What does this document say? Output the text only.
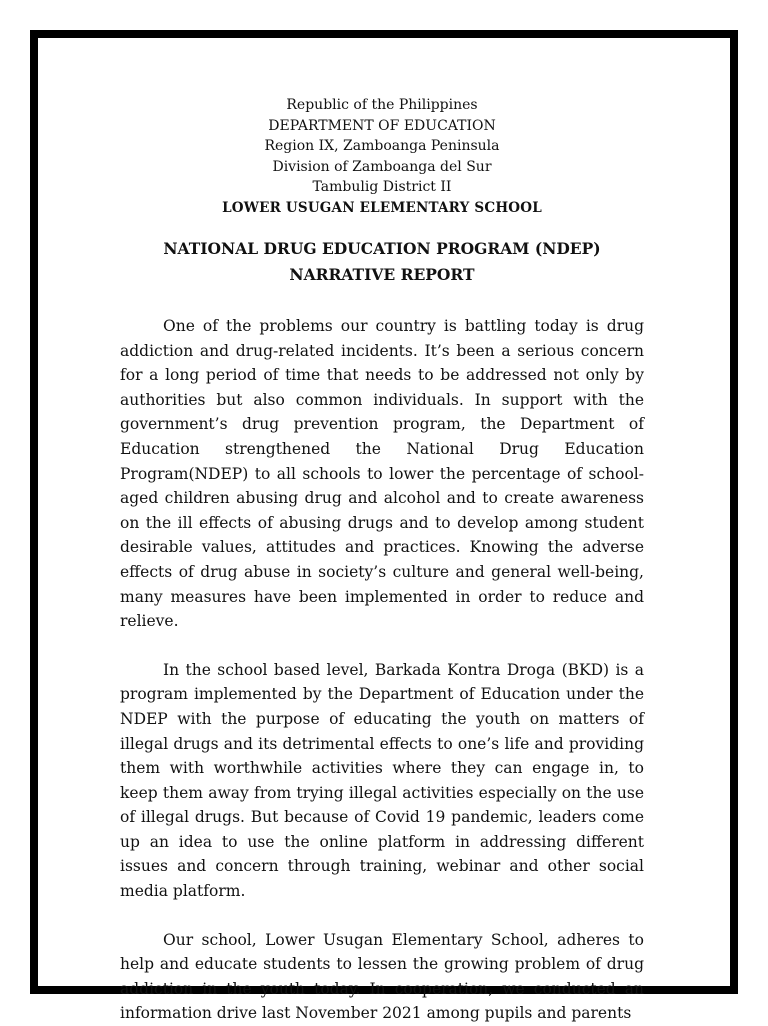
Republic of the Philippines
DEPARTMENT OF EDUCATION
Region IX, Zamboanga Peninsula
Division of Zamboanga del Sur
Tambulig District II
LOWER USUGAN ELEMENTARY SCHOOL
NATIONAL DRUG EDUCATION PROGRAM (NDEP)
NARRATIVE REPORT

One of the problems our country is battling today is drug addiction and drug-related incidents. It’s been a serious concern for a long period of time that needs to be addressed not only by authorities but also common individuals. In support with the government’s drug prevention program, the Department of Education strengthened the National Drug Education Program(NDEP) to all schools to lower the percentage of school-aged children abusing drug and alcohol and to create awareness on the ill effects of abusing drugs and to develop among student desirable values, attitudes and practices. Knowing the adverse effects of drug abuse in society’s culture and general well-being, many measures have been implemented in order to reduce and relieve.

In the school based level, Barkada Kontra Droga (BKD) is a program implemented by the Department of Education under the NDEP with the purpose of educating the youth on matters of illegal drugs and its detrimental effects to one’s life and providing them with worthwhile activities where they can engage in, to keep them away from trying illegal activities especially on the use of illegal drugs. But because of Covid 19 pandemic, leaders come up an idea to use the online platform in addressing different issues and concern through training, webinar and other social media platform.

Our school, Lower Usugan Elementary School, adheres to help and educate students to lessen the growing problem of drug addiction in the youth today. In cooperation, we conducted an information drive last November 2021 among pupils and parents
